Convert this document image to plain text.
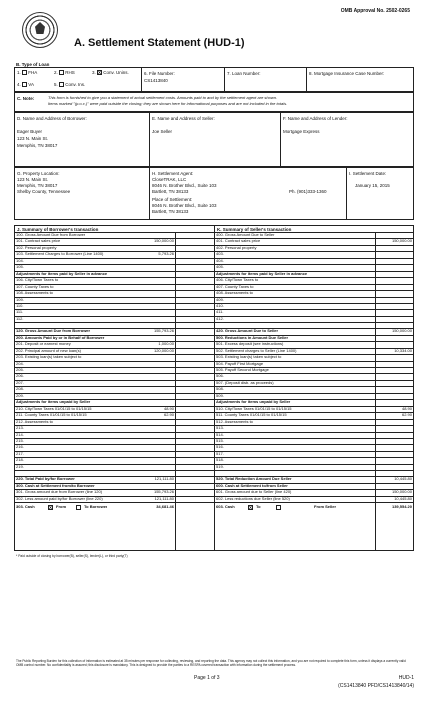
OMB Approval No. 2502-0265
A. Settlement Statement (HUD-1)
B. Type of Loan
1. FHA	2. RHS	3. X Conv. Unins.
4. VA	5. Conv. Ins.
6. File Number:
CS1413840
7. Loan Number:	8. Mortgage Insurance Case Number:
C. Note:	This form is furnished to give you a statement of actual settlement costs. Amounts paid to and by the settlement agent are shown.
Items marked "(p.o.c.)" were paid outside the closing; they are shown here for informational purposes and are not included in the totals.
D. Name and Address of Borrower:
Eager Buyer
123 N. Main St.
Memphis, TN 38017
E. Name and Address of Seller:
Joe Seller
F. Name and Address of Lender:
Mortgage Express
G. Property Location:
123 N. Main St.
Memphis, TN 38017
Shelby County, Tennessee
H. Settlement Agent:
CloseTRAK, LLC
8046 N. Brother Blvd., Suite 103
Bartlett, TN 38133	Ph. (901)333-1360
Place of Settlement:
8046 N. Brother Blvd., Suite 103
Bartlett, TN 38133
I. Settlement Date:
January 15, 2015
J. Summary of Borrower's transaction	K. Summary of Seller's transaction
100. Gross Amount Due from Borrower
101. Contract sales price	150,000.00
102. Personal property
103. Settlement Charges to Borrower (Line 1400)	5,793.26
104.
105.
Adjustments for items paid by Seller in advance
106. City/Town Taxes to
107. County Taxes to
108. Assessments to
109.
110.
111.
112.
120. Gross Amount Due from Borrower	155,793.26
200. Amounts Paid by or in Behalf of Borrower
201. Deposit or earnest money	1,000.00
202. Principal amount of new loan(s)	120,000.00
203. Existing loan(s) taken subject to
204.
205.
206.
207.
208.
209.
Adjustments for items unpaid by Seller
210. City/Town Taxes 01/01/15 to 01/15/15	48.90
211. County Taxes 01/01/15 to 01/15/15	62.90
212. Assessments to
213.
214.
215.
216.
217.
218.
219.
220. Total Paid by/for Borrower	121,111.80
300. Cash at Settlement from/to Borrower
301. Gross amount due from Borrower (line 120)	155,793.26
302. Less amount paid by/for Borrower (line 220)	121,111.80
303. Cash	X From	To Borrower	34,681.46
400. Gross Amount Due to Seller
401. Contract sales price	150,000.00
402. Personal property
403.
404.
405.
Adjustments for items paid by Seller in advance
406. City/Town Taxes to
407. County Taxes to
408. Assessments to
409.
410.
411.
412.
420. Gross Amount Due to Seller	150,000.00
500. Reductions in Amount Due Seller
501. Excess deposit (see instructions)
502. Settlement charges to Seller (Line 1400)	10,334.00
503. Existing loan(s) taken subject to
504. Payoff First Mortgage
505. Payoff Second Mortgage
506.
507. (Deposit disb. as proceeds)
508.
509.
Adjustments for items unpaid by Seller
510. City/Town Taxes 01/01/15 to 01/15/15	48.90
511. County Taxes 01/01/15 to 01/15/15	62.90
512. Assessments to
513.
514.
515.
516.
517.
518.
519.
520. Total Reduction Amount Due Seller	10,445.80
600. Cash at Settlement to/from Seller
601. Gross amount due to Seller (line 420)	150,000.00
602. Less reductions due Seller (line 520)	10,445.80
603. Cash	X To	From Seller	139,554.20
* Paid outside of closing by borrower(B), seller(S), lender(L), or third party(T)
The Public Reporting Burden for this collection of information is estimated at 35 minutes per response for collecting, reviewing, and reporting the data. This agency may not collect this information, and you are not required to complete this form, unless it displays a currently valid OMB control number. No confidentiality is assured; this disclosure is mandatory. This is designed to provide the parties to a RESPA covered transaction with information during the settlement process.
Page 1 of 3	HUD-1
(CS1413840 PFD/CS1413840/14)
